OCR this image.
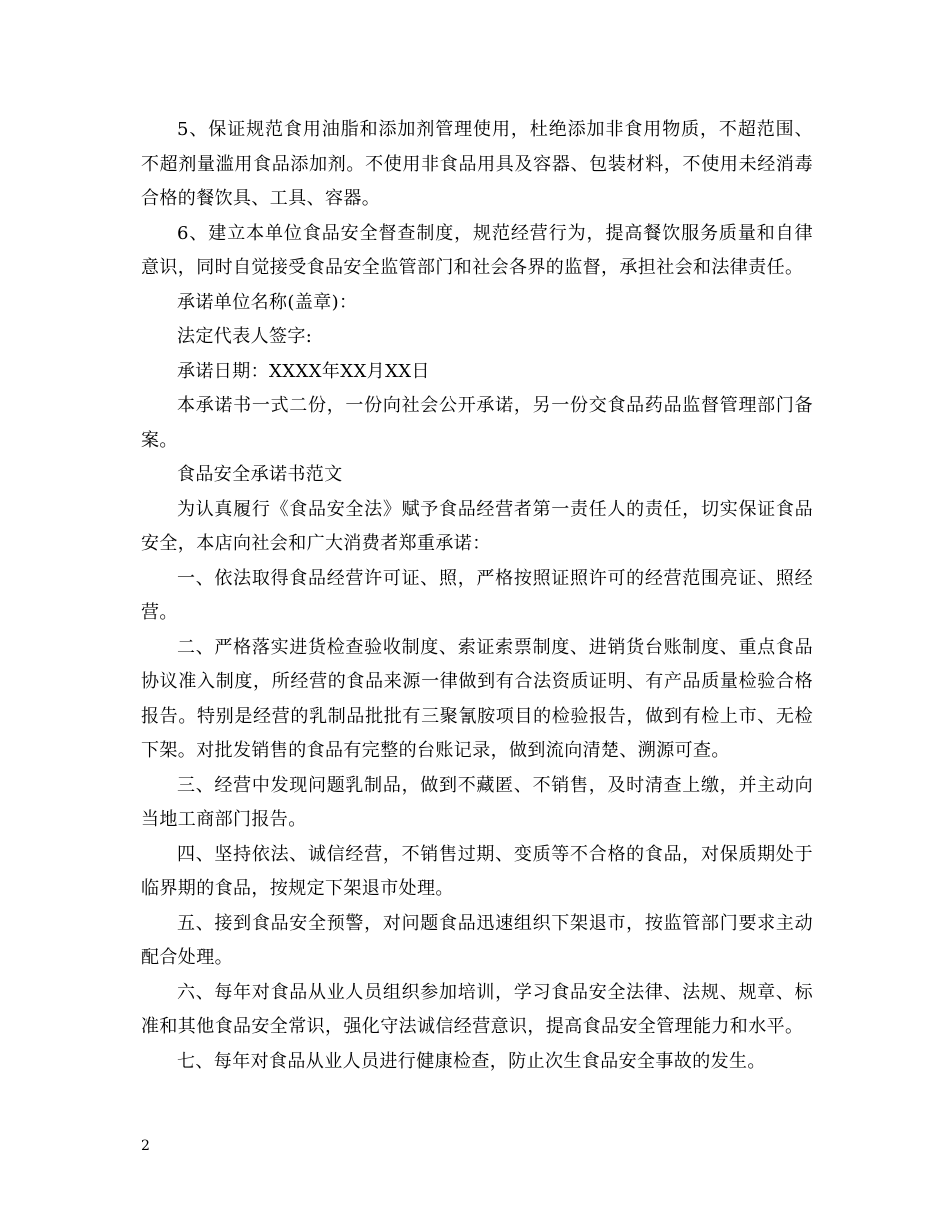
5、保证规范食用油脂和添加剂管理使用，杜绝添加非食用物质，不超范围、不超剂量滥用食品添加剂。不使用非食品用具及容器、包装材料，不使用未经消毒合格的餐饮具、工具、容器。

6、建立本单位食品安全督查制度，规范经营行为，提高餐饮服务质量和自律意识，同时自觉接受食品安全监管部门和社会各界的监督，承担社会和法律责任。

承诺单位名称(盖章)：

法定代表人签字:

承诺日期：XXXX年XX月XX日

本承诺书一式二份，一份向社会公开承诺，另一份交食品药品监督管理部门备案。

食品安全承诺书范文

为认真履行《食品安全法》赋予食品经营者第一责任人的责任，切实保证食品安全，本店向社会和广大消费者郑重承诺：

一、依法取得食品经营许可证、照，严格按照证照许可的经营范围亮证、照经营。

二、严格落实进货检查验收制度、索证索票制度、进销货台账制度、重点食品协议准入制度，所经营的食品来源一律做到有合法资质证明、有产品质量检验合格报告。特别是经营的乳制品批批有三聚氰胺项目的检验报告，做到有检上市、无检下架。对批发销售的食品有完整的台账记录，做到流向清楚、溯源可查。

三、经营中发现问题乳制品，做到不藏匿、不销售，及时清查上缴，并主动向当地工商部门报告。

四、坚持依法、诚信经营，不销售过期、变质等不合格的食品，对保质期处于临界期的食品，按规定下架退市处理。

五、接到食品安全预警，对问题食品迅速组织下架退市，按监管部门要求主动配合处理。

六、每年对食品从业人员组织参加培训，学习食品安全法律、法规、规章、标准和其他食品安全常识，强化守法诚信经营意识，提高食品安全管理能力和水平。

七、每年对食品从业人员进行健康检查，防止次生食品安全事故的发生。

2
